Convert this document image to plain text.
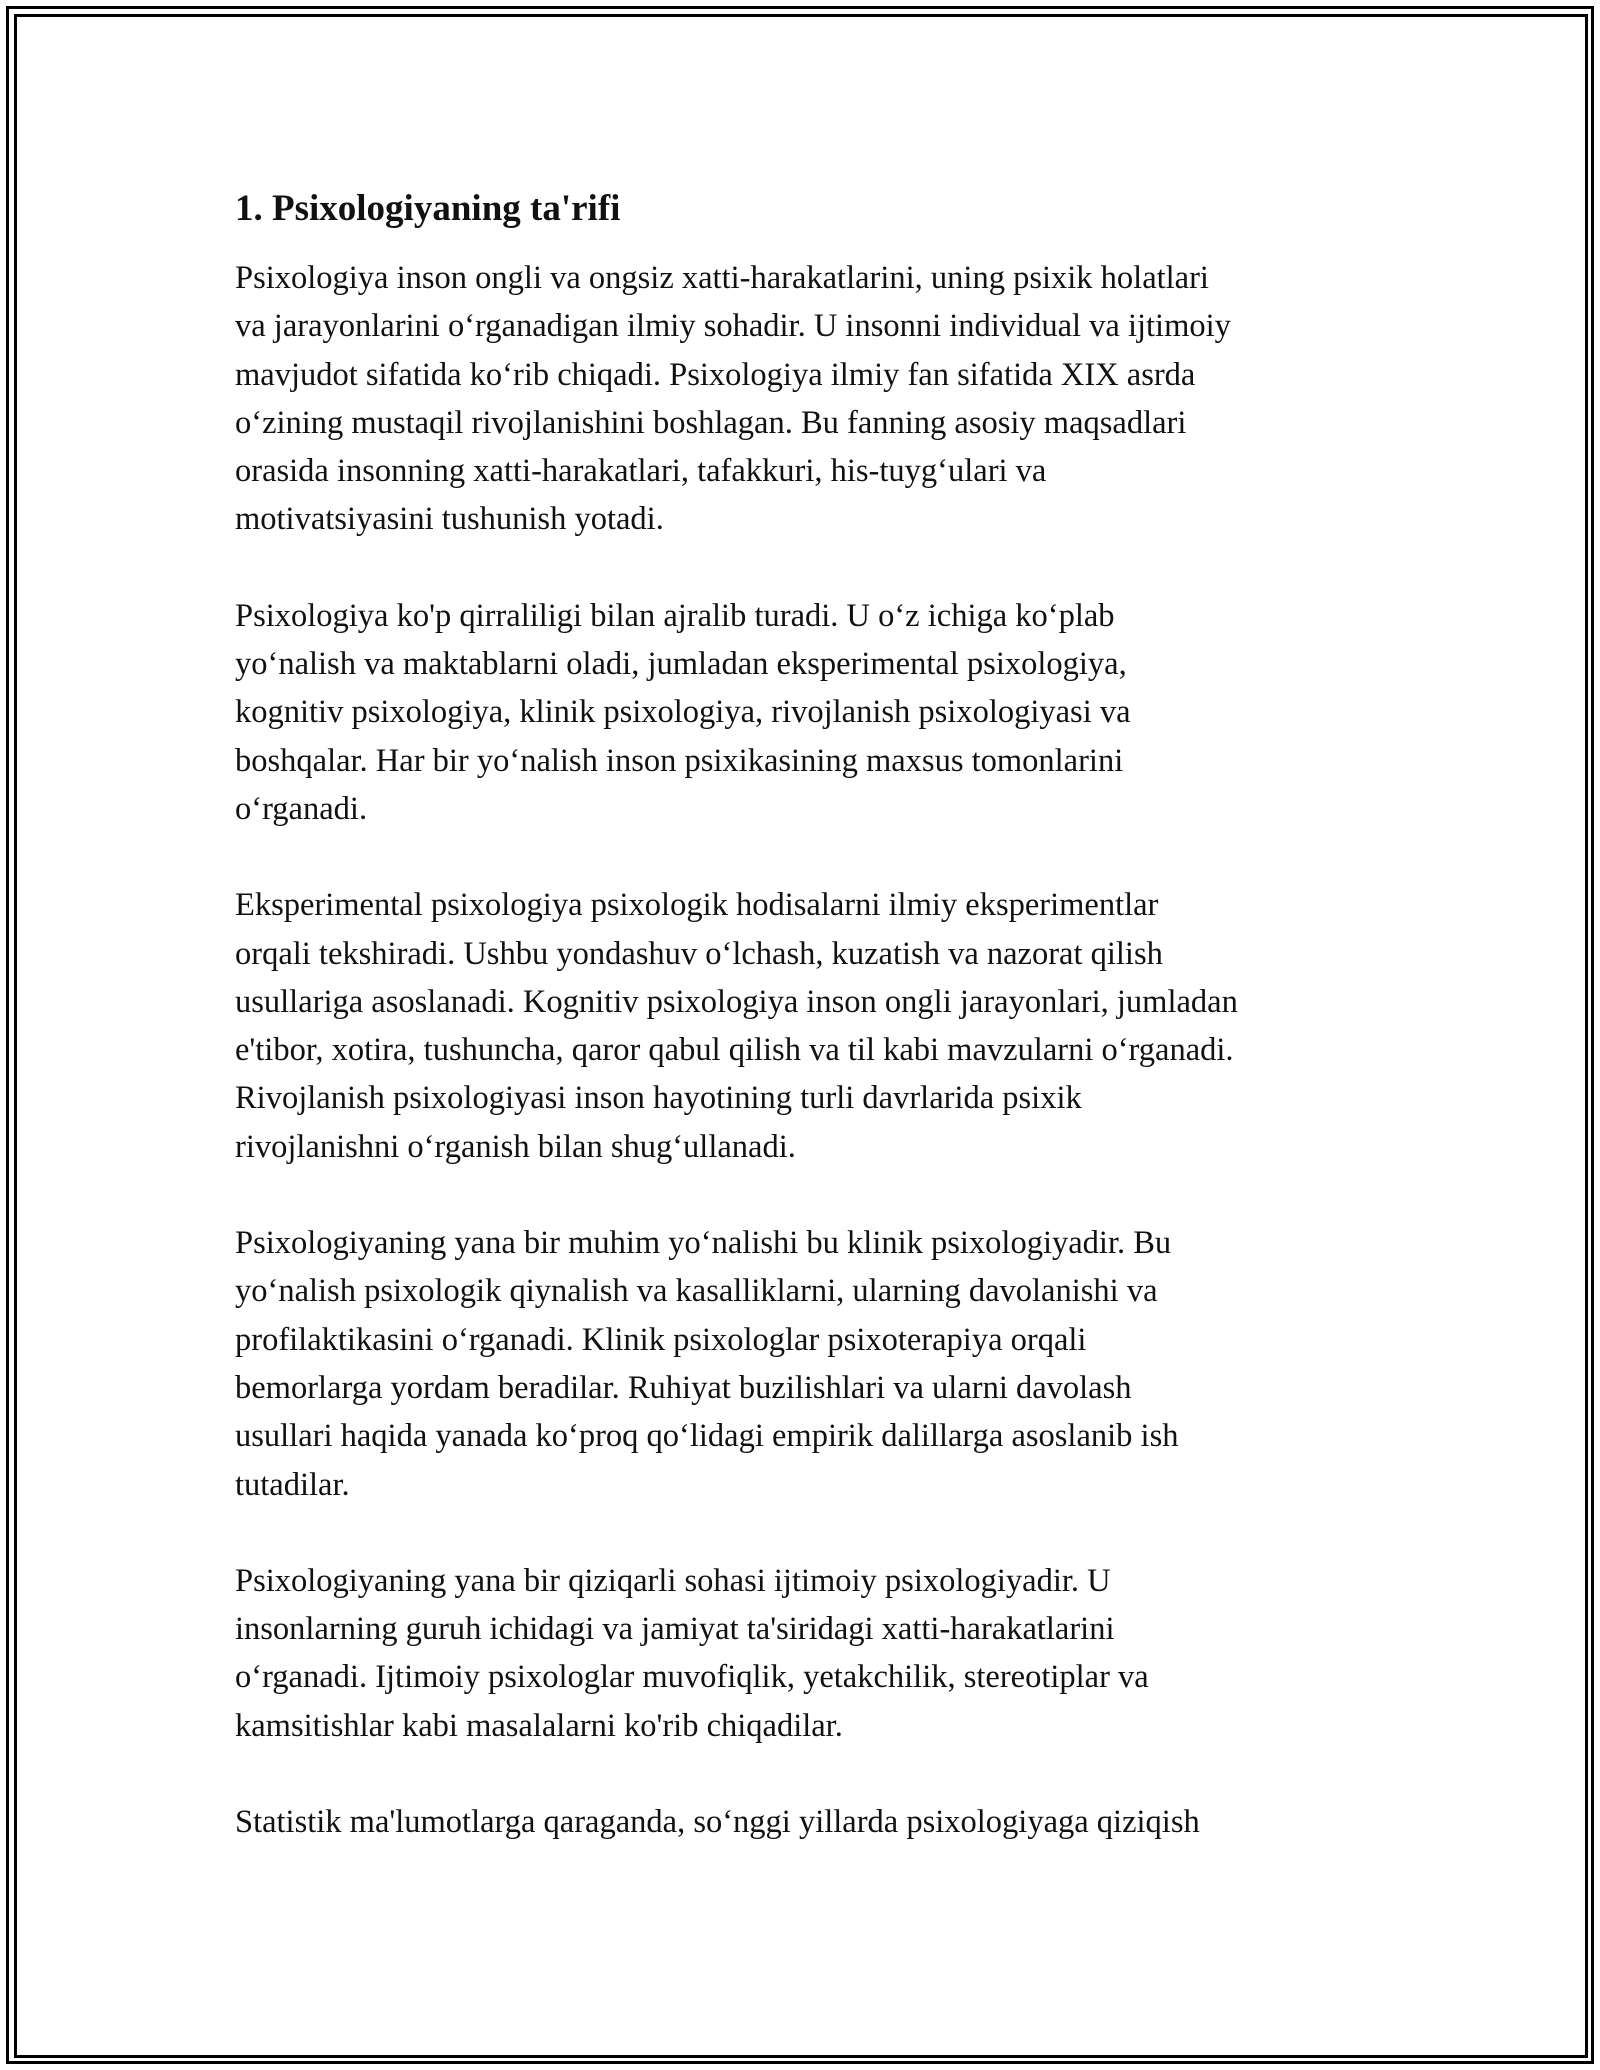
1. Psixologiyaning ta'rifi

Psixologiya inson ongli va ongsiz xatti-harakatlarini, uning psixik holatlari
va jarayonlarini oʻrganadigan ilmiy sohadir. U insonni individual va ijtimoiy
mavjudot sifatida koʻrib chiqadi. Psixologiya ilmiy fan sifatida XIX asrda
oʻzining mustaqil rivojlanishini boshlagan. Bu fanning asosiy maqsadlari
orasida insonning xatti-harakatlari, tafakkuri, his-tuygʻulari va
motivatsiyasini tushunish yotadi.

Psixologiya ko'p qirraliligi bilan ajralib turadi. U oʻz ichiga koʻplab
yoʻnalish va maktablarni oladi, jumladan eksperimental psixologiya,
kognitiv psixologiya, klinik psixologiya, rivojlanish psixologiyasi va
boshqalar. Har bir yoʻnalish inson psixikasining maxsus tomonlarini
oʻrganadi.

Eksperimental psixologiya psixologik hodisalarni ilmiy eksperimentlar
orqali tekshiradi. Ushbu yondashuv oʻlchash, kuzatish va nazorat qilish
usullariga asoslanadi. Kognitiv psixologiya inson ongli jarayonlari, jumladan
e'tibor, xotira, tushuncha, qaror qabul qilish va til kabi mavzularni oʻrganadi.
Rivojlanish psixologiyasi inson hayotining turli davrlarida psixik
rivojlanishni oʻrganish bilan shugʻullanadi.

Psixologiyaning yana bir muhim yoʻnalishi bu klinik psixologiyadir. Bu
yoʻnalish psixologik qiynalish va kasalliklarni, ularning davolanishi va
profilaktikasini oʻrganadi. Klinik psixologlar psixoterapiya orqali
bemorlarga yordam beradilar. Ruhiyat buzilishlari va ularni davolash
usullari haqida yanada koʻproq qoʻlidagi empirik dalillarga asoslanib ish
tutadilar.

Psixologiyaning yana bir qiziqarli sohasi ijtimoiy psixologiyadir. U
insonlarning guruh ichidagi va jamiyat ta'siridagi xatti-harakatlarini
oʻrganadi. Ijtimoiy psixologlar muvofiqlik, yetakchilik, stereotiplar va
kamsitishlar kabi masalalarni ko'rib chiqadilar.

Statistik ma'lumotlarga qaraganda, soʻnggi yillarda psixologiyaga qiziqish
